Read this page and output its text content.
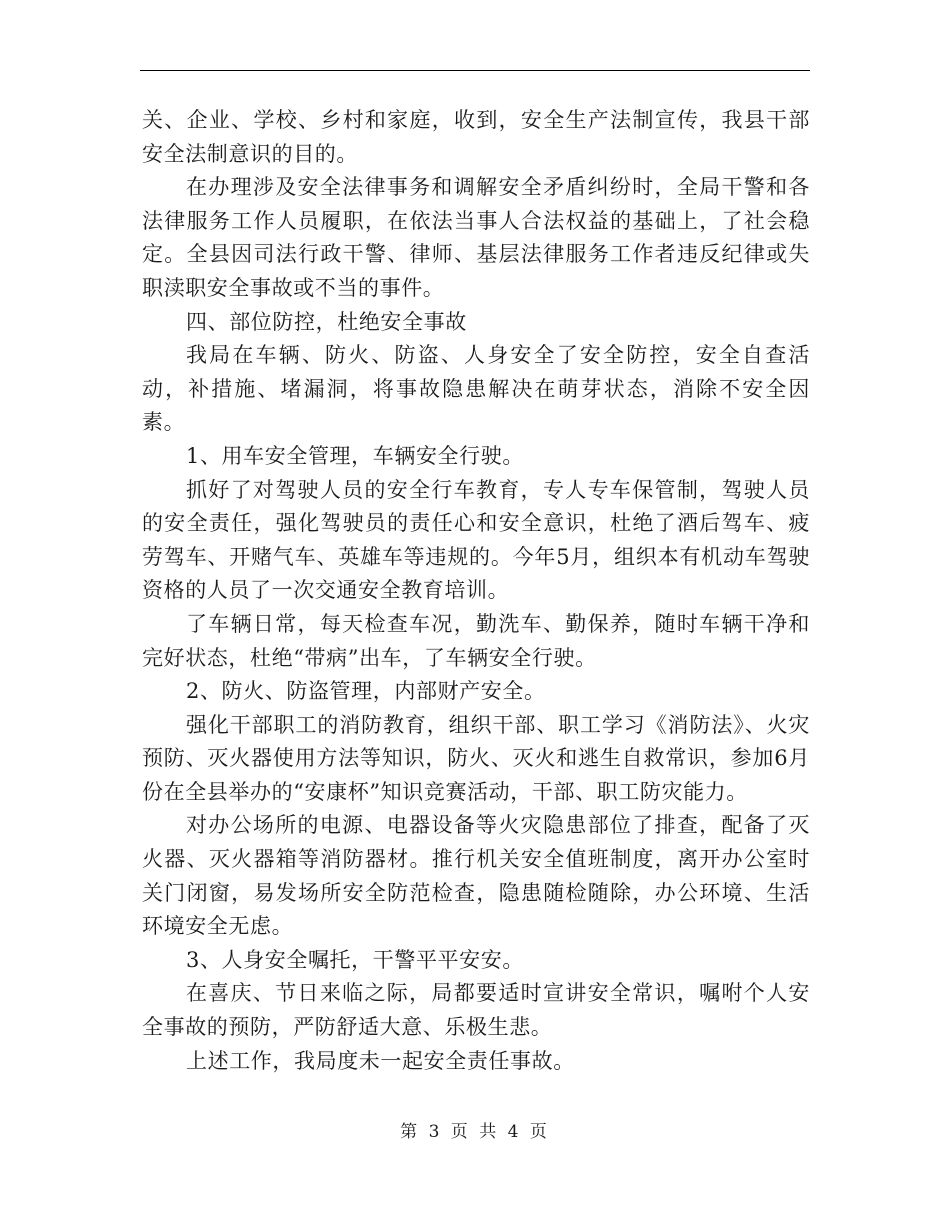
关、企业、学校、乡村和家庭，收到，安全生产法制宣传，我县干部安全法制意识的目的。

在办理涉及安全法律事务和调解安全矛盾纠纷时，全局干警和各法律服务工作人员履职，在依法当事人合法权益的基础上，了社会稳定。全县因司法行政干警、律师、基层法律服务工作者违反纪律或失职渎职安全事故或不当的事件。

四、部位防控，杜绝安全事故

我局在车辆、防火、防盗、人身安全了安全防控，安全自查活动，补措施、堵漏洞，将事故隐患解决在萌芽状态，消除不安全因素。

1、用车安全管理，车辆安全行驶。

抓好了对驾驶人员的安全行车教育，专人专车保管制，驾驶人员的安全责任，强化驾驶员的责任心和安全意识，杜绝了酒后驾车、疲劳驾车、开赌气车、英雄车等违规的。今年5月，组织本有机动车驾驶资格的人员了一次交通安全教育培训。

了车辆日常，每天检查车况，勤洗车、勤保养，随时车辆干净和完好状态，杜绝“带病”出车，了车辆安全行驶。

2、防火、防盗管理，内部财产安全。

强化干部职工的消防教育，组织干部、职工学习《消防法》、火灾预防、灭火器使用方法等知识，防火、灭火和逃生自救常识，参加6月份在全县举办的“安康杯”知识竞赛活动，干部、职工防灾能力。

对办公场所的电源、电器设备等火灾隐患部位了排查，配备了灭火器、灭火器箱等消防器材。推行机关安全值班制度，离开办公室时关门闭窗，易发场所安全防范检查，隐患随检随除，办公环境、生活环境安全无虑。

3、人身安全嘱托，干警平平安安。

在喜庆、节日来临之际，局都要适时宣讲安全常识，嘱咐个人安全事故的预防，严防舒适大意、乐极生悲。

上述工作，我局度未一起安全责任事故。

第 3 页 共 4 页
